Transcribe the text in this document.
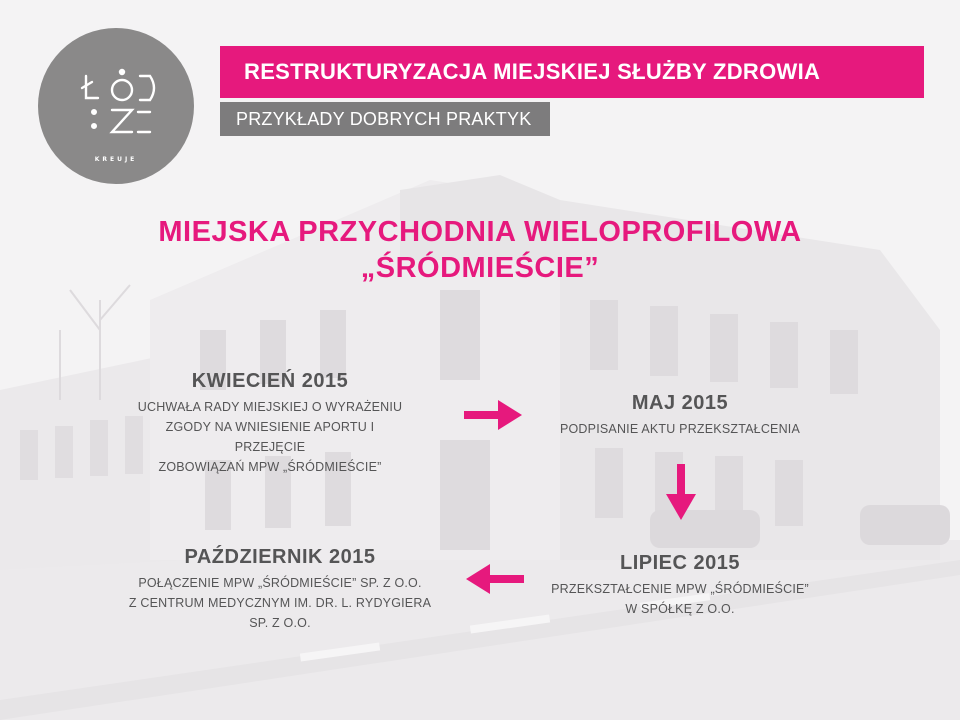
KREUJE
RESTRUKTURYZACJA MIEJSKIEJ SŁUŻBY ZDROWIA
PRZYKŁADY DOBRYCH PRAKTYK
MIEJSKA PRZYCHODNIA WIELOPROFILOWA
„ŚRÓDMIEŚCIE”
KWIECIEŃ 2015
UCHWAŁA RADY MIEJSKIEJ O WYRAŻENIU
ZGODY NA WNIESIENIE APORTU I PRZEJĘCIE
ZOBOWIĄZAŃ MPW „ŚRÓDMIEŚCIE”
MAJ 2015
PODPISANIE AKTU PRZEKSZTAŁCENIA
LIPIEC 2015
PRZEKSZTAŁCENIE MPW „ŚRÓDMIEŚCIE”
W SPÓŁKĘ Z O.O.
PAŹDZIERNIK 2015
POŁĄCZENIE MPW „ŚRÓDMIEŚCIE” SP. Z O.O.
Z CENTRUM MEDYCZNYM IM. DR. L. RYDYGIERA
SP. Z O.O.
